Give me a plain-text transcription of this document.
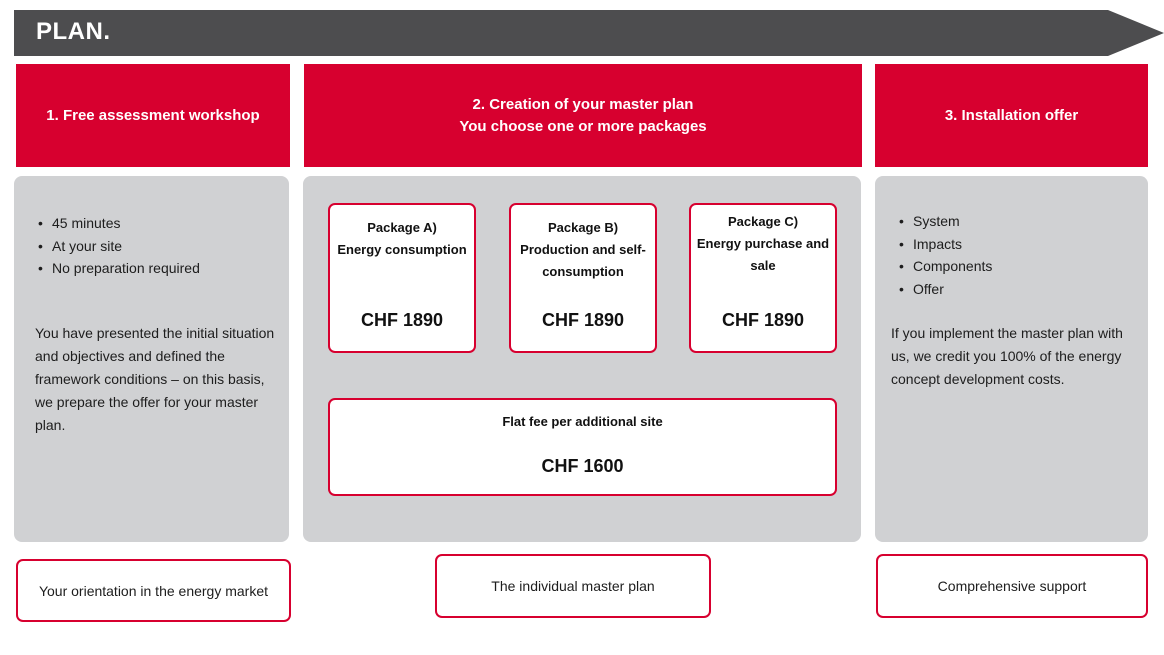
PLAN.
1. Free assessment workshop
2. Creation of your master plan
You choose one or more packages
3. Installation offer
• 45 minutes
• At your site
• No preparation required
You have presented the initial situation and objectives and defined the framework conditions – on this basis, we prepare the offer for your master plan.
Package A)
Energy consumption
CHF 1890
Package B)
Production and self-consumption
CHF 1890
Package C)
Energy purchase and sale
CHF 1890
Flat fee per additional site
CHF 1600
• System
• Impacts
• Components
• Offer
If you implement the master plan with us, we credit you 100% of the energy concept development costs.
Your orientation in the energy market	The individual master plan	Comprehensive support
